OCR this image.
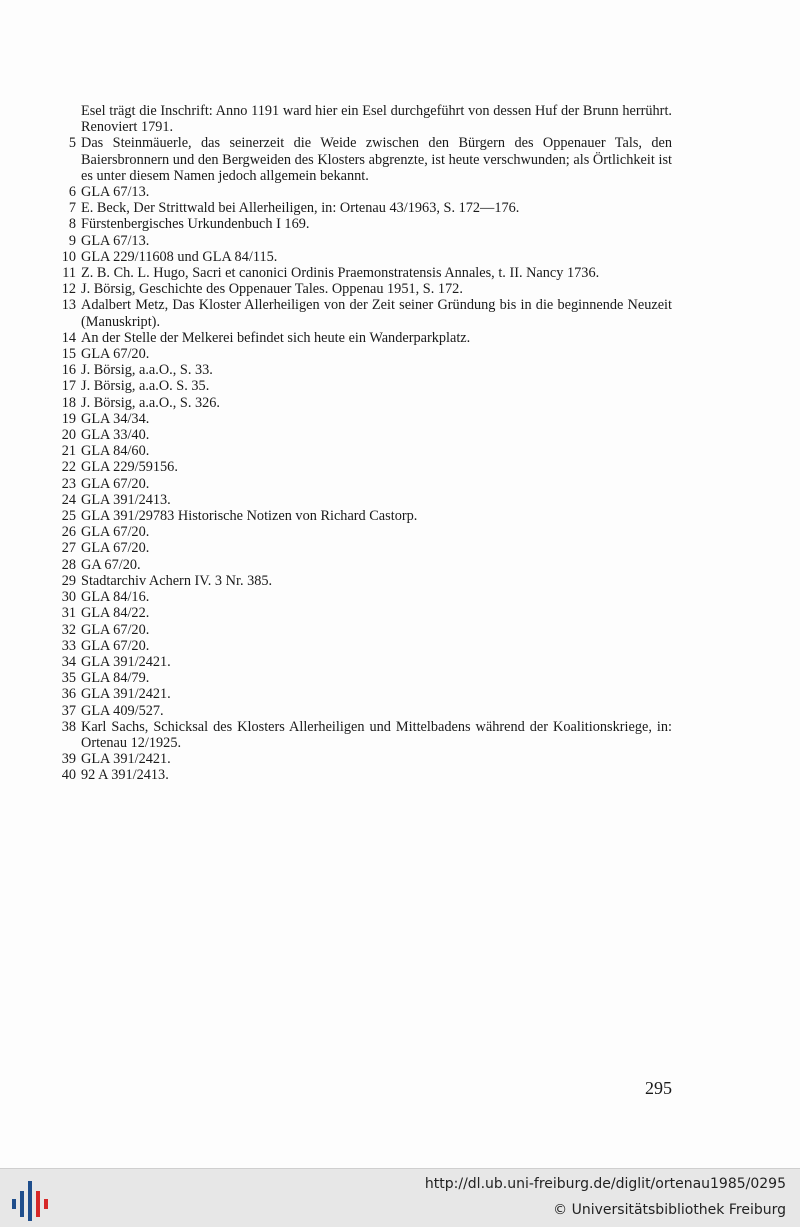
Esel trägt die Inschrift: Anno 1191 ward hier ein Esel durchgeführt von dessen Huf der Brunn herrührt. Renoviert 1791.
5 Das Steinmäuerle, das seinerzeit die Weide zwischen den Bürgern des Oppenauer Tals, den Baiersbronnern und den Bergweiden des Klosters abgrenzte, ist heute verschwunden; als Örtlichkeit ist es unter diesem Namen jedoch allgemein bekannt.
6 GLA 67/13.
7 E. Beck, Der Strittwald bei Allerheiligen, in: Ortenau 43/1963, S. 172—176.
8 Fürstenbergisches Urkundenbuch I 169.
9 GLA 67/13.
10 GLA 229/11608 und GLA 84/115.
11 Z. B. Ch. L. Hugo, Sacri et canonici Ordinis Praemonstratensis Annales, t. II. Nancy 1736.
12 J. Börsig, Geschichte des Oppenauer Tales. Oppenau 1951, S. 172.
13 Adalbert Metz, Das Kloster Allerheiligen von der Zeit seiner Gründung bis in die beginnende Neuzeit (Manuskript).
14 An der Stelle der Melkerei befindet sich heute ein Wanderparkplatz.
15 GLA 67/20.
16 J. Börsig, a.a.O., S. 33.
17 J. Börsig, a.a.O. S. 35.
18 J. Börsig, a.a.O., S. 326.
19 GLA 34/34.
20 GLA 33/40.
21 GLA 84/60.
22 GLA 229/59156.
23 GLA 67/20.
24 GLA 391/2413.
25 GLA 391/29783 Historische Notizen von Richard Castorp.
26 GLA 67/20.
27 GLA 67/20.
28 GA 67/20.
29 Stadtarchiv Achern IV. 3 Nr. 385.
30 GLA 84/16.
31 GLA 84/22.
32 GLA 67/20.
33 GLA 67/20.
34 GLA 391/2421.
35 GLA 84/79.
36 GLA 391/2421.
37 GLA 409/527.
38 Karl Sachs, Schicksal des Klosters Allerheiligen und Mittelbadens während der Koalitionskriege, in: Ortenau 12/1925.
39 GLA 391/2421.
40 92 A 391/2413.
295
http://dl.ub.uni-freiburg.de/diglit/ortenau1985/0295
© Universitätsbibliothek Freiburg
